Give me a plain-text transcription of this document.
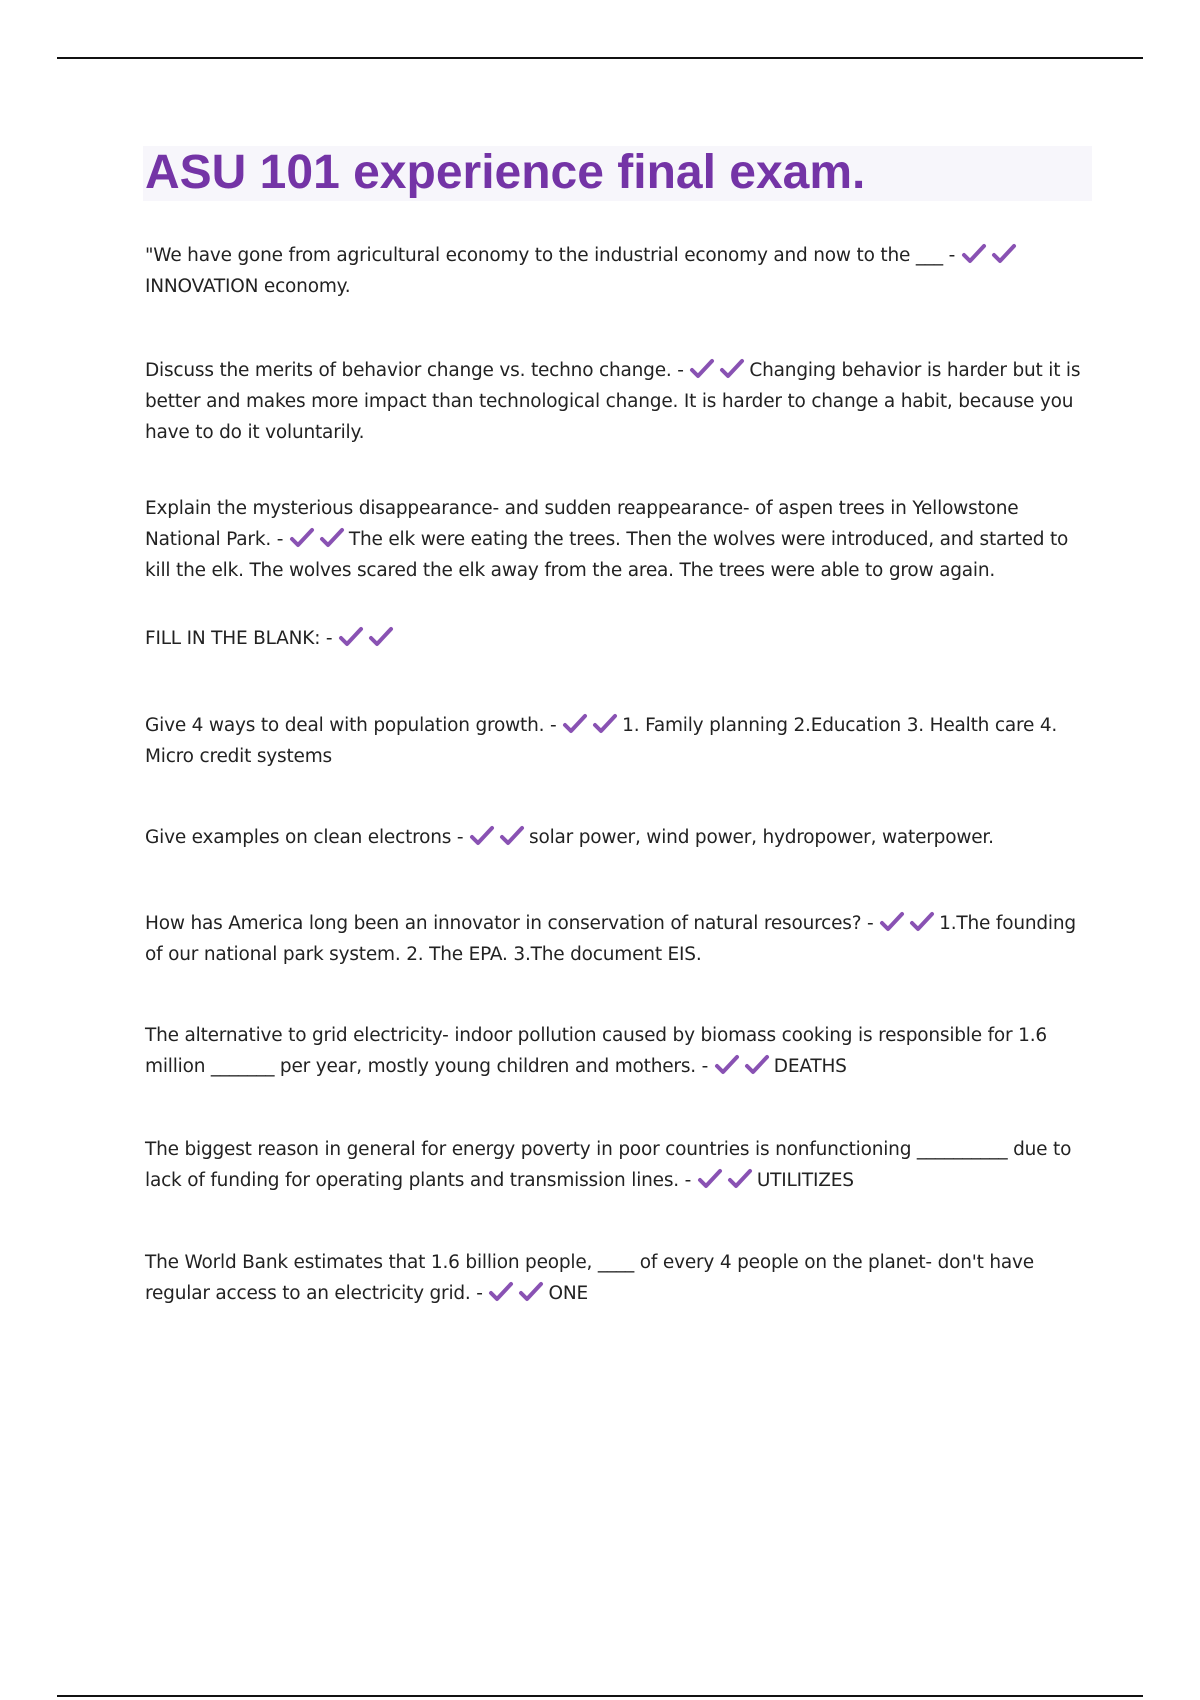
ASU 101 experience final exam.

"We have gone from agricultural economy to the industrial economy and now to the ___ -
INNOVATION economy.

Discuss the merits of behavior change vs. techno change. -	Changing behavior is harder but it is better and makes more impact than technological change. It is harder to change a habit, because you have to do it voluntarily.

Explain the mysterious disappearance- and sudden reappearance- of aspen trees in Yellowstone National Park. -	The elk were eating the trees. Then the wolves were introduced, and started to kill the elk. The wolves scared the elk away from the area. The trees were able to grow again.

FILL IN THE BLANK: -

Give 4 ways to deal with population growth. -	1. Family planning 2.Education 3. Health care 4. Micro credit systems

Give examples on clean electrons -	solar power, wind power, hydropower, waterpower.

How has America long been an innovator in conservation of natural resources? -	1.The founding of our national park system. 2. The EPA. 3.The document EIS.

The alternative to grid electricity- indoor pollution caused by biomass cooking is responsible for 1.6 million _______ per year, mostly young children and mothers. -	DEATHS

The biggest reason in general for energy poverty in poor countries is nonfunctioning __________ due to lack of funding for operating plants and transmission lines. -	UTILITIZES

The World Bank estimates that 1.6 billion people, ____ of every 4 people on the planet- don't have regular access to an electricity grid. -	ONE
